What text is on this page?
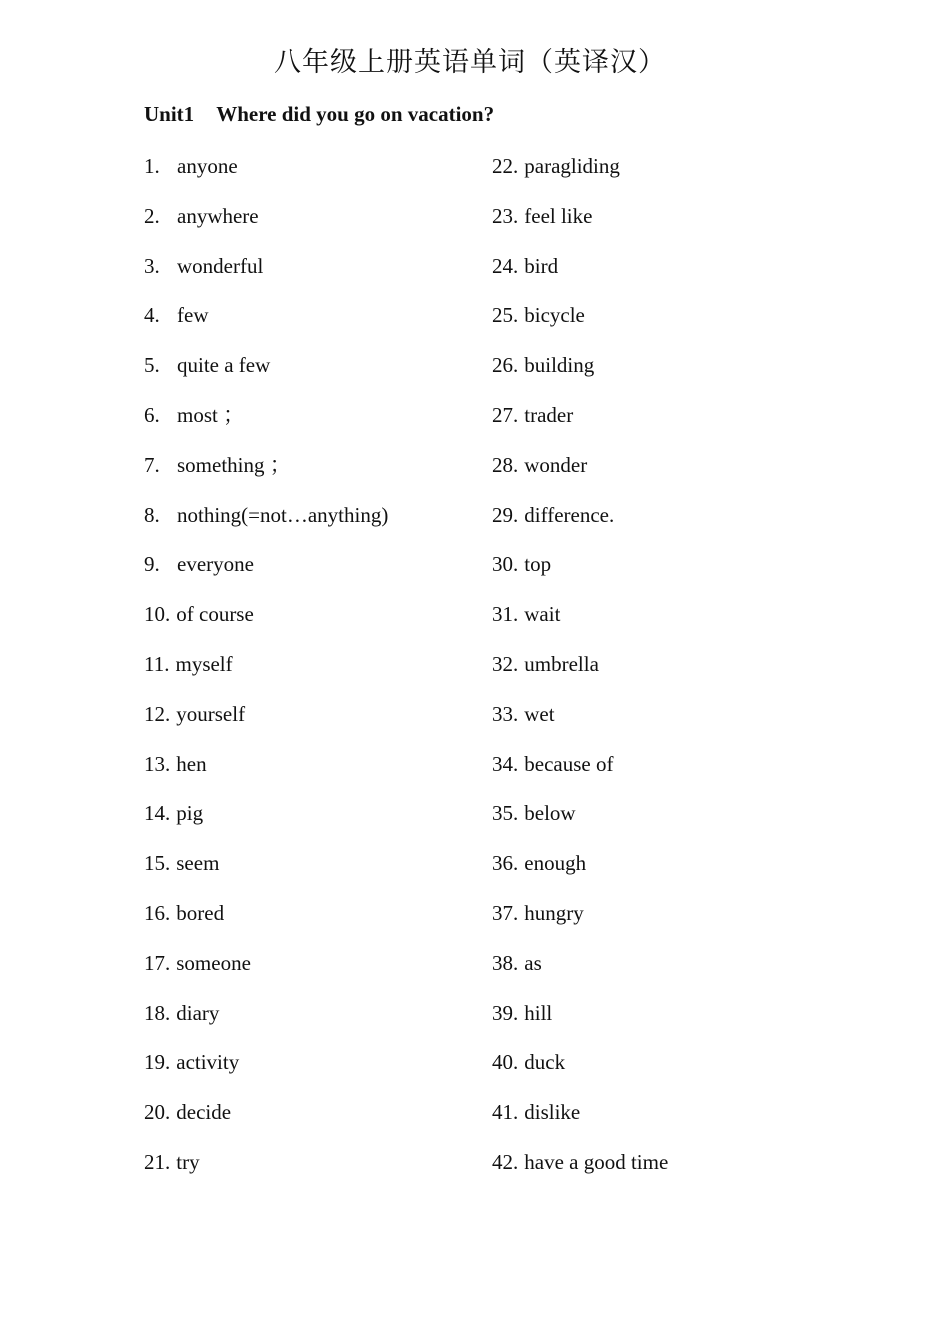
八年级上册英语单词（英译汉）
Unit1 Where did you go on vacation?
1. anyone
2. anywhere
3. wonderful
4. few
5. quite a few
6. most ；
7. something ；
8. nothing(=not…anything)
9. everyone
10. of course
11. myself
12. yourself
13. hen
14. pig
15. seem
16. bored
17. someone
18. diary
19. activity
20. decide
21. try
22. paragliding
23. feel like
24. bird
25. bicycle
26. building
27. trader
28. wonder
29. difference.
30. top
31. wait
32. umbrella
33. wet
34. because of
35. below
36. enough
37. hungry
38. as
39. hill
40. duck
41. dislike
42. have a good time
